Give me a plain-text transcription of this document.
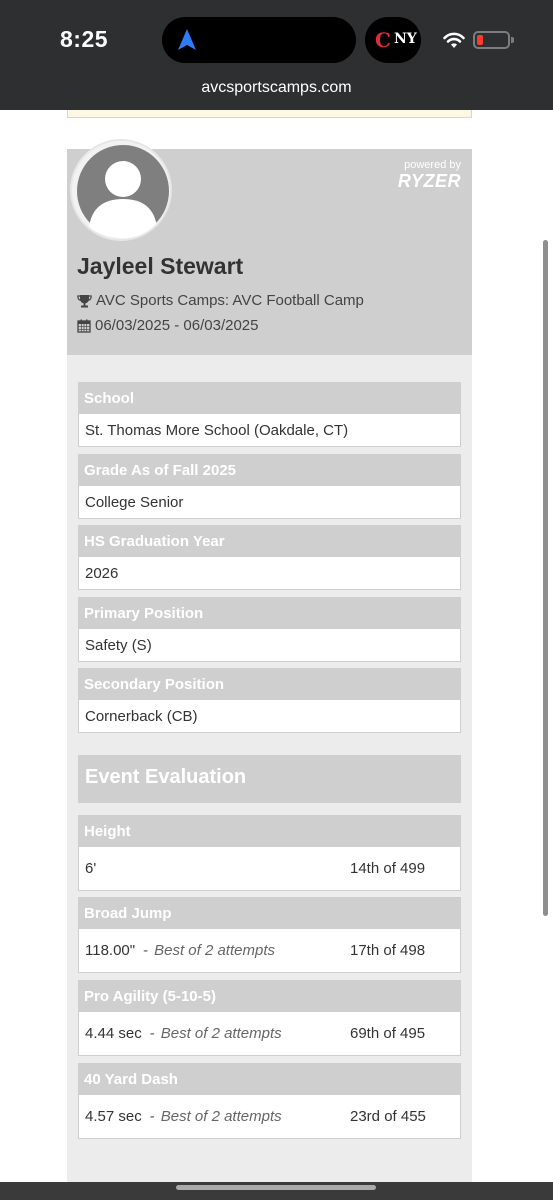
8:25	C NY
avcsportscamps.com
powered by
RYZER
Jayleel Stewart
AVC Sports Camps: AVC Football Camp
06/03/2025 - 06/03/2025
School
St. Thomas More School (Oakdale, CT)
Grade As of Fall 2025
College Senior
HS Graduation Year
2026
Primary Position
Safety (S)
Secondary Position
Cornerback (CB)
Event Evaluation
Height
6'	14th of 499
Broad Jump
118.00" - Best of 2 attempts	17th of 498
Pro Agility (5-10-5)
4.44 sec - Best of 2 attempts	69th of 495
40 Yard Dash
4.57 sec - Best of 2 attempts	23rd of 455
